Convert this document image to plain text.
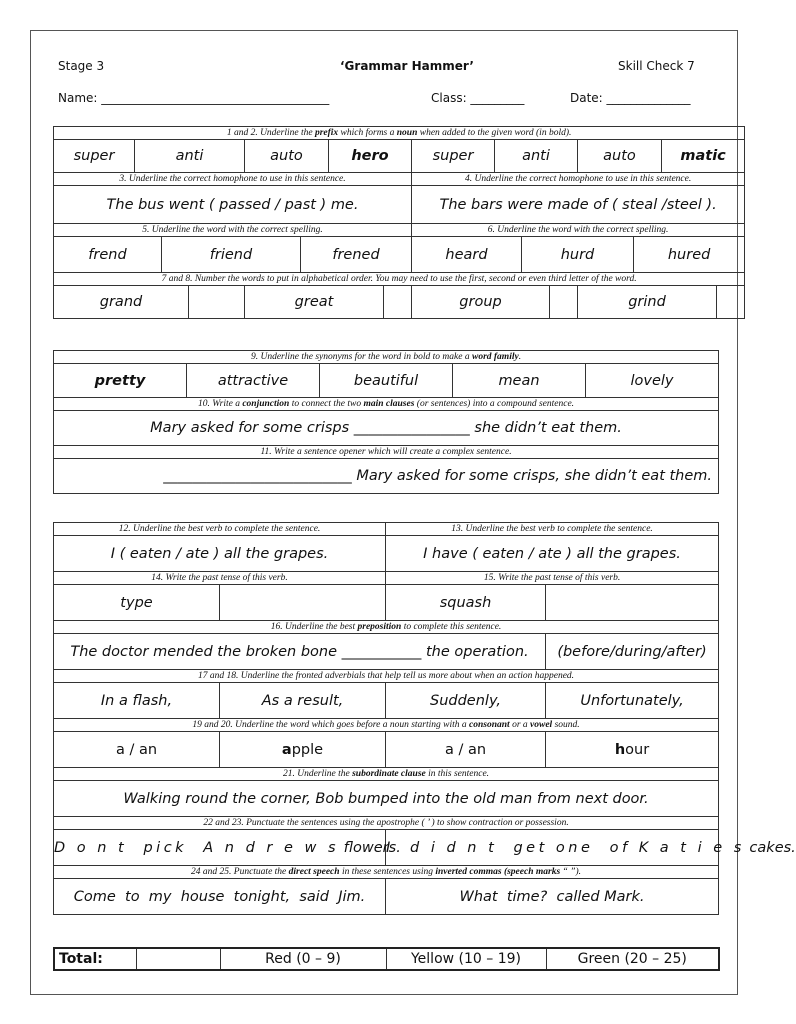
Stage 3	‘Grammar Hammer’	Skill Check 7
Name: ______________________________________	Class: _________	Date: ______________
1 and 2. Underline the prefix which forms a noun when added to the given word (in bold).															
super	anti			auto		hero		super	anti			auto		matic	
3. Underline the correct homophone to use in this sentence.								4. Underline the correct homophone to use in this sentence.							
The bus went ( passed / past ) me.								The bars were made of ( steal /steel ).							
5. Underline the word with the correct spelling.								6. Underline the word with the correct spelling.							
frend		friend			frened			heard		hurd			hured		
7 and 8. Number the words to put in alphabetical order. You may need to use the first, second or even third letter of the word.															
grand				great				group				grind			
9. Underline the synonyms for the word in bold to make a word family.
pretty	attractive	beautiful	mean	lovely
10. Write a conjunction to connect the two main clauses (or sentences) into a compound sentence.
Mary asked for some crisps ________________ she didn’t eat them.
11. Write a sentence opener which will create a complex sentence.
__________________________ Mary asked for some crisps, she didn’t eat them.
12. Underline the best verb to complete the sentence.		13. Underline the best verb to complete the sentence.	
I ( eaten / ate ) all the grapes.		I have ( eaten / ate ) all the grapes.	
14. Write the past tense of this verb.		15. Write the past tense of this verb.	
type		squash	
16. Underline the best preposition to complete this sentence.			
The doctor mended the broken bone ___________ the operation.			(before/during/after)
17 and 18. Underline the fronted adverbials that help tell us more about when an action happened.			
In a flash,	As a result,	Suddenly,	Unfortunately,
19 and 20. Underline the word which goes before a noun starting with a consonant or a vowel sound.			
a / an	apple	a / an	hour
21. Underline the subordinate clause in this sentence.			
Walking round the corner, Bob bumped into the old man from next door.			
22 and 23. Punctuate the sentences using the apostrophe ( ’ ) to show contraction or possession.			
D o n t  pick  A n d r e w s flowers.		I  d i d n t  get one  of K a t i e s cakes.	
24 and 25. Punctuate the direct speech in these sentences using inverted commas (speech marks “ ”).			
Come  to  my  house  tonight,  said  Jim.		What  time?  called Mark.	
Total:		Red (0 – 9)	Yellow (10 – 19)	Green (20 – 25)
